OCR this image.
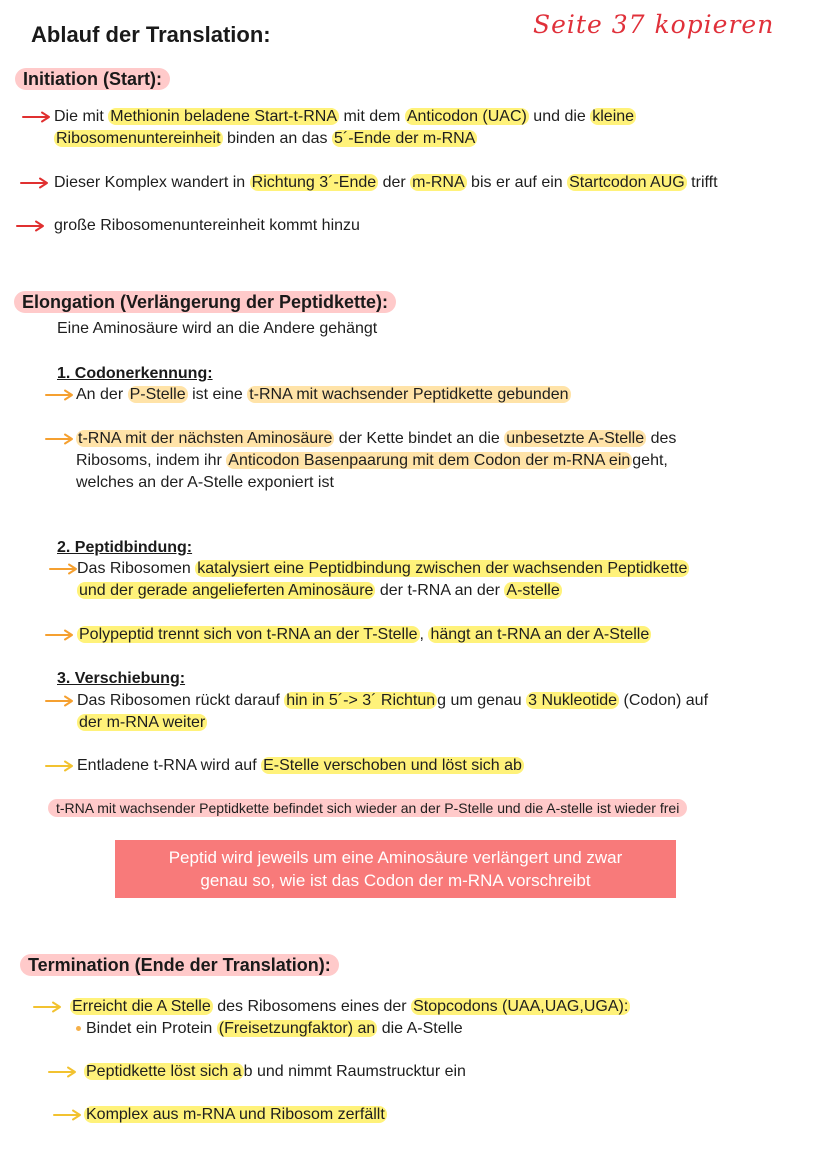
Ablauf der Translation:	Seite 37 kopieren
Initiation (Start):
Die mit Methionin beladene Start-t-RNA mit dem Anticodon (UAC) und die kleine
Ribosomenuntereinheit binden an das 5´-Ende der m-RNA
Dieser Komplex wandert in Richtung 3´-Ende der m-RNA bis er auf ein Startcodon AUG trifft
große Ribosomenuntereinheit kommt hinzu
Elongation (Verlängerung der Peptidkette):
Eine Aminosäure wird an die Andere gehängt
1. Codonerkennung:
An der P-Stelle ist eine t-RNA mit wachsender Peptidkette gebunden
t-RNA mit der nächsten Aminosäure der Kette bindet an die unbesetzte A-Stelle des
Ribosoms, indem ihr Anticodon Basenpaarung mit dem Codon der m-RNA ein geht,
welches an der A-Stelle exponiert ist
2. Peptidbindung:
Das Ribosomen katalysiert eine Peptidbindung zwischen der wachsenden Peptidkette
und der gerade angelieferten Aminosäure der t-RNA an der A-stelle
Polypeptid trennt sich von t-RNA an der T-Stelle , hängt an t-RNA an der A-Stelle
3. Verschiebung:
Das Ribosomen rückt darauf hin in 5´-> 3´ Richtun g um genau 3 Nukleotide (Codon) auf
der m-RNA weiter
Entladene t-RNA wird auf E-Stelle verschoben und löst sich ab
t-RNA mit wachsender Peptidkette befindet sich wieder an der P-Stelle und die A-stelle ist wieder frei
Peptid wird jeweils um eine Aminosäure verlängert und zwar
genau so, wie ist das Codon der m-RNA vorschreibt
Termination (Ende der Translation):
Erreicht die A Stelle des Ribosomens eines der Stopcodons (UAA,UAG,UGA):
Bindet ein Protein (Freisetzungfaktor) an die A-Stelle
Peptidkette löst sich a b und nimmt Raumstrucktur ein
Komplex aus m-RNA und Ribosom zerfällt
